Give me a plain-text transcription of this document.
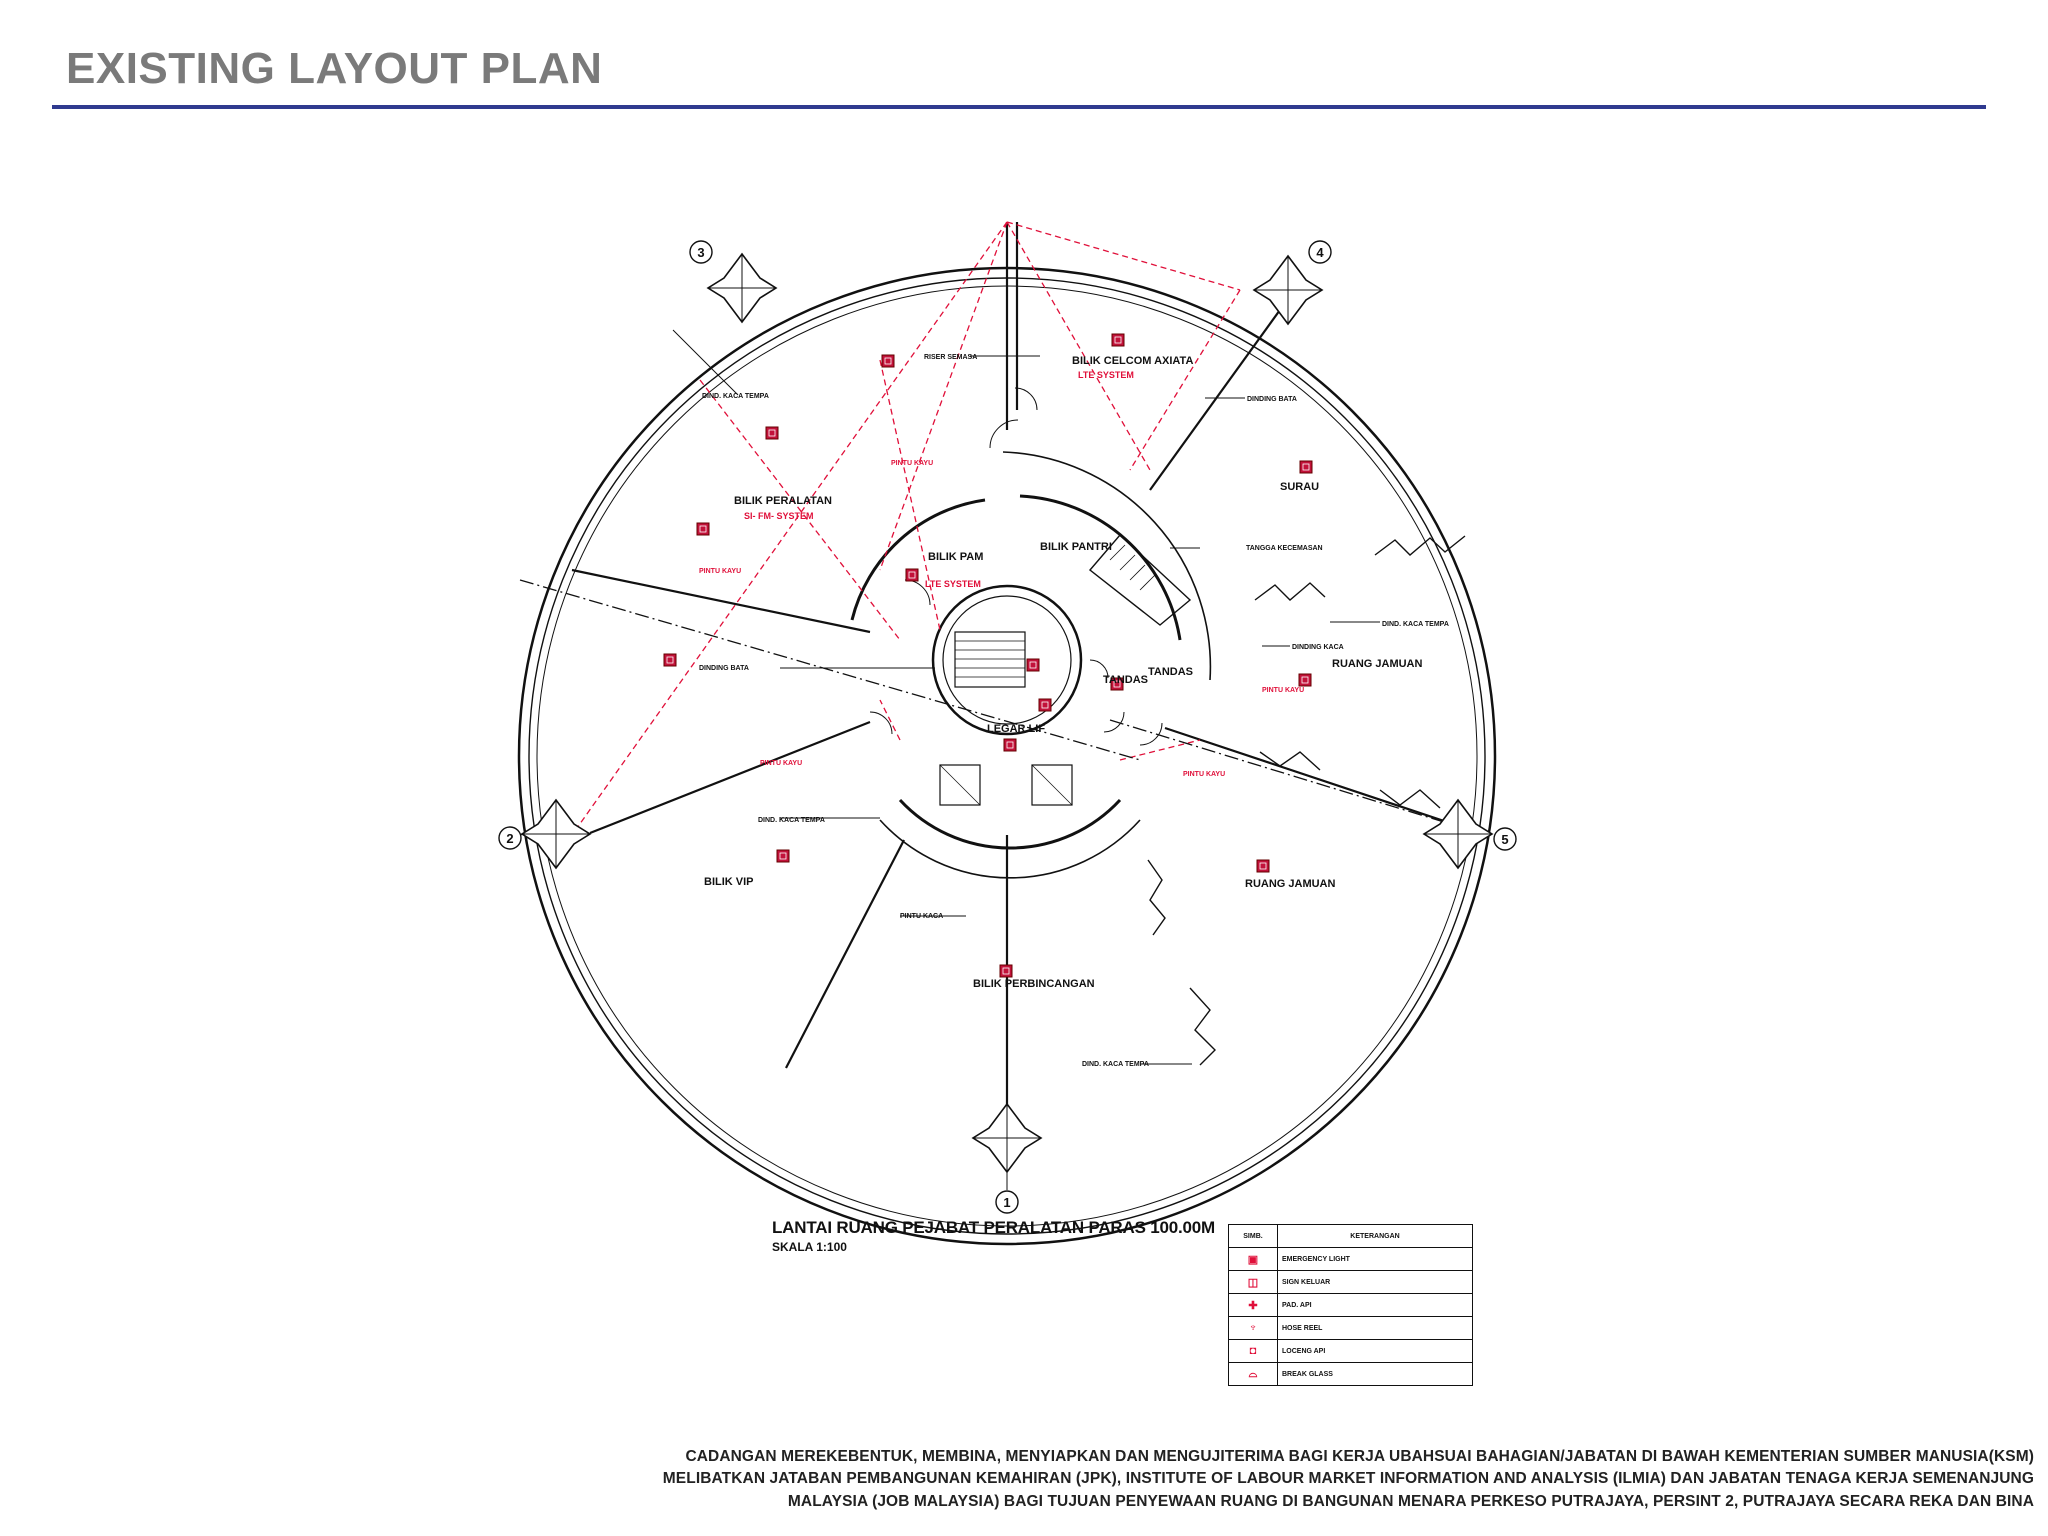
EXISTING LAYOUT PLAN
1
2
3	4
5
BILIK PERALATAN
SI- FM- SYSTEM
BILIK CELCOM AXIATA
LTE SYSTEM
SURAU
BILIK PANTRI
BILIK PAM
LTE SYSTEM
RUANG JAMUAN
RUANG JAMUAN
LEGAR LIF
BILIK VIP
BILIK PERBINCANGAN
TANDAS
TANDAS
RISER SEMASA
DIND. KACA TEMPA	DINDING BATA
DIND. KACA TEMPA
DINDING KACA
TANGGA KECEMASAN
DINDING BATA
DIND. KACA TEMPA
PINTU KACA
DIND. KACA TEMPA
PINTU KAYU
PINTU KAYU
PINTU KAYU
PINTU KAYU
PINTU KAYU
LANTAI RUANG PEJABAT PERALATAN PARAS 100.00M
SKALA 1:100
SIMB.	KETERANGAN
▣	EMERGENCY LIGHT
◫	SIGN KELUAR
✚	PAD. API
♆	HOSE REEL
◘	LOCENG API
⌓	BREAK GLASS

CADANGAN MEREKEBENTUK, MEMBINA, MENYIAPKAN DAN MENGUJITERIMA BAGI KERJA UBAHSUAI BAHAGIAN/JABATAN DI BAWAH KEMENTERIAN SUMBER MANUSIA(KSM)
MELIBATKAN JATABAN PEMBANGUNAN KEMAHIRAN (JPK), INSTITUTE OF LABOUR MARKET INFORMATION AND ANALYSIS (ILMIA) DAN JABATAN TENAGA KERJA SEMENANJUNG
MALAYSIA (JOB MALAYSIA) BAGI TUJUAN PENYEWAAN RUANG DI BANGUNAN MENARA PERKESO PUTRAJAYA, PERSINT 2, PUTRAJAYA SECARA REKA DAN BINA
